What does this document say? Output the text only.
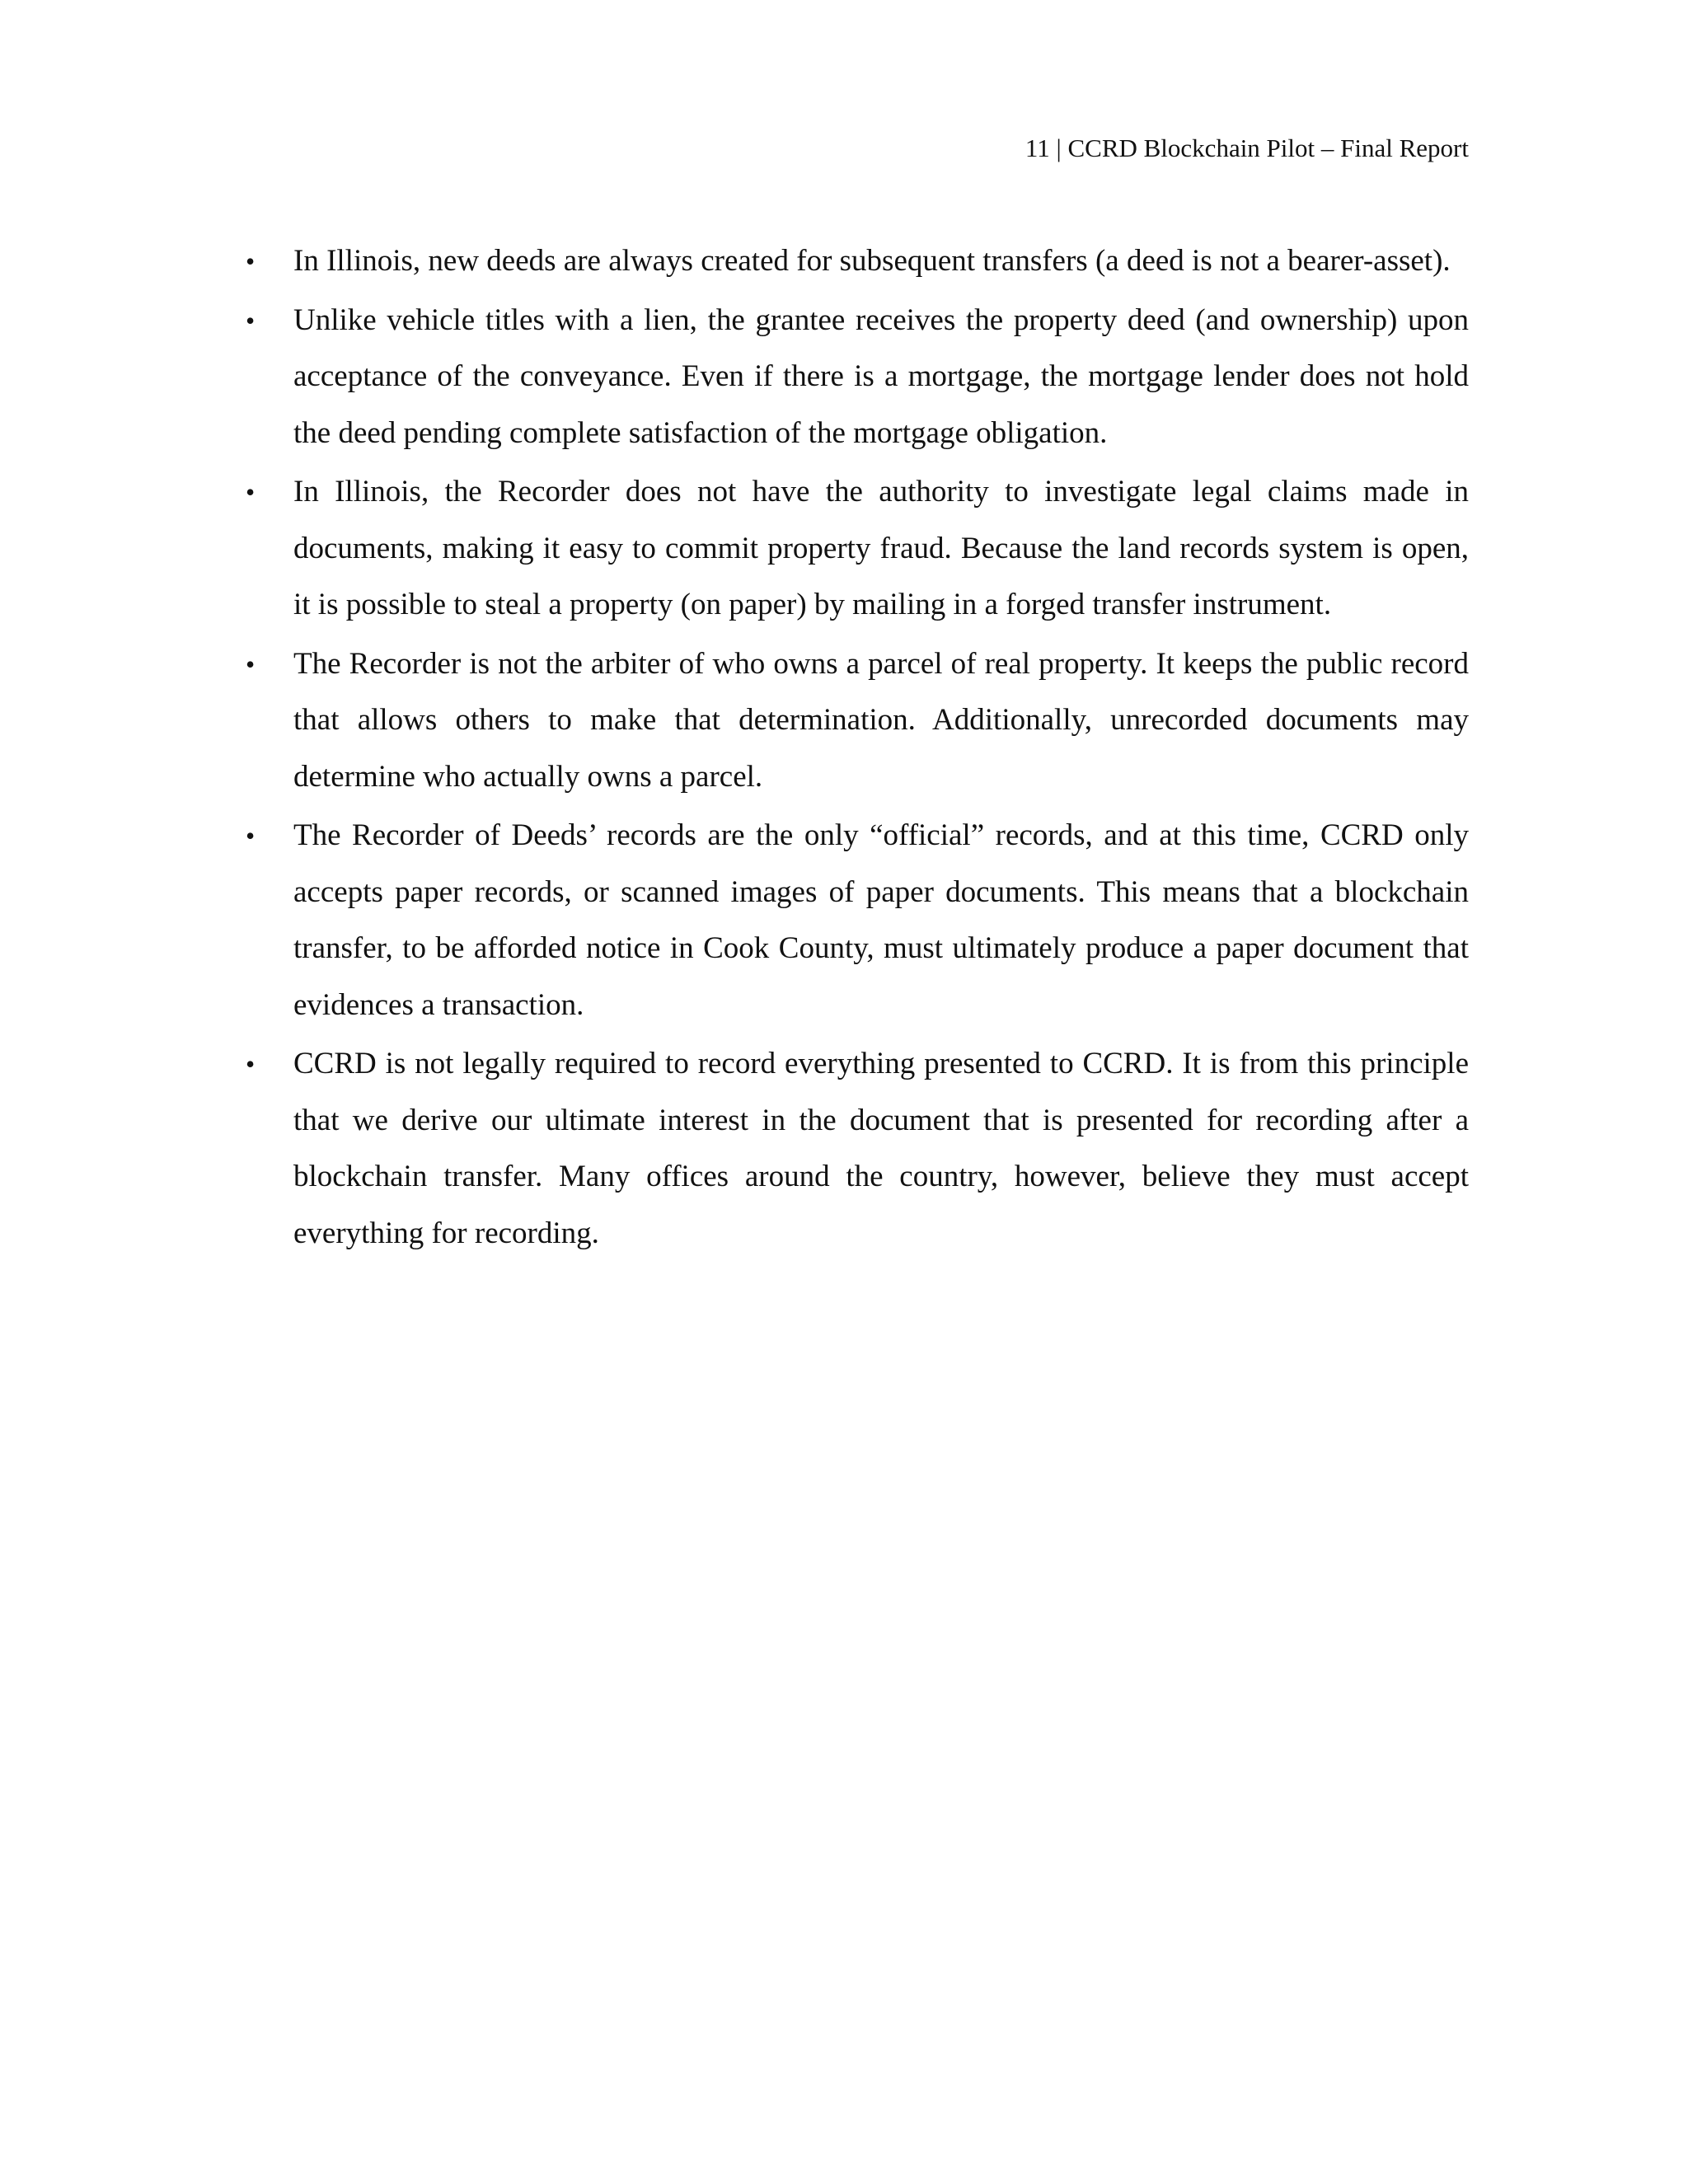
11 | CCRD Blockchain Pilot – Final Report
•	In Illinois, new deeds are always created for subsequent transfers (a deed is not a bearer-asset).
•	Unlike vehicle titles with a lien, the grantee receives the property deed (and ownership) upon acceptance of the conveyance. Even if there is a mortgage, the mortgage lender does not hold the deed pending complete satisfaction of the mortgage obligation.
•	In Illinois, the Recorder does not have the authority to investigate legal claims made in documents, making it easy to commit property fraud. Because the land records system is open, it is possible to steal a property (on paper) by mailing in a forged transfer instrument.
•	The Recorder is not the arbiter of who owns a parcel of real property. It keeps the public record that allows others to make that determination. Additionally, unrecorded documents may determine who actually owns a parcel.
•	The Recorder of Deeds’ records are the only “official” records, and at this time, CCRD only accepts paper records, or scanned images of paper documents. This means that a blockchain transfer, to be afforded notice in Cook County, must ultimately produce a paper document that evidences a transaction.
•	CCRD is not legally required to record everything presented to CCRD. It is from this principle that we derive our ultimate interest in the document that is presented for recording after a blockchain transfer. Many offices around the country, however, believe they must accept everything for recording.
